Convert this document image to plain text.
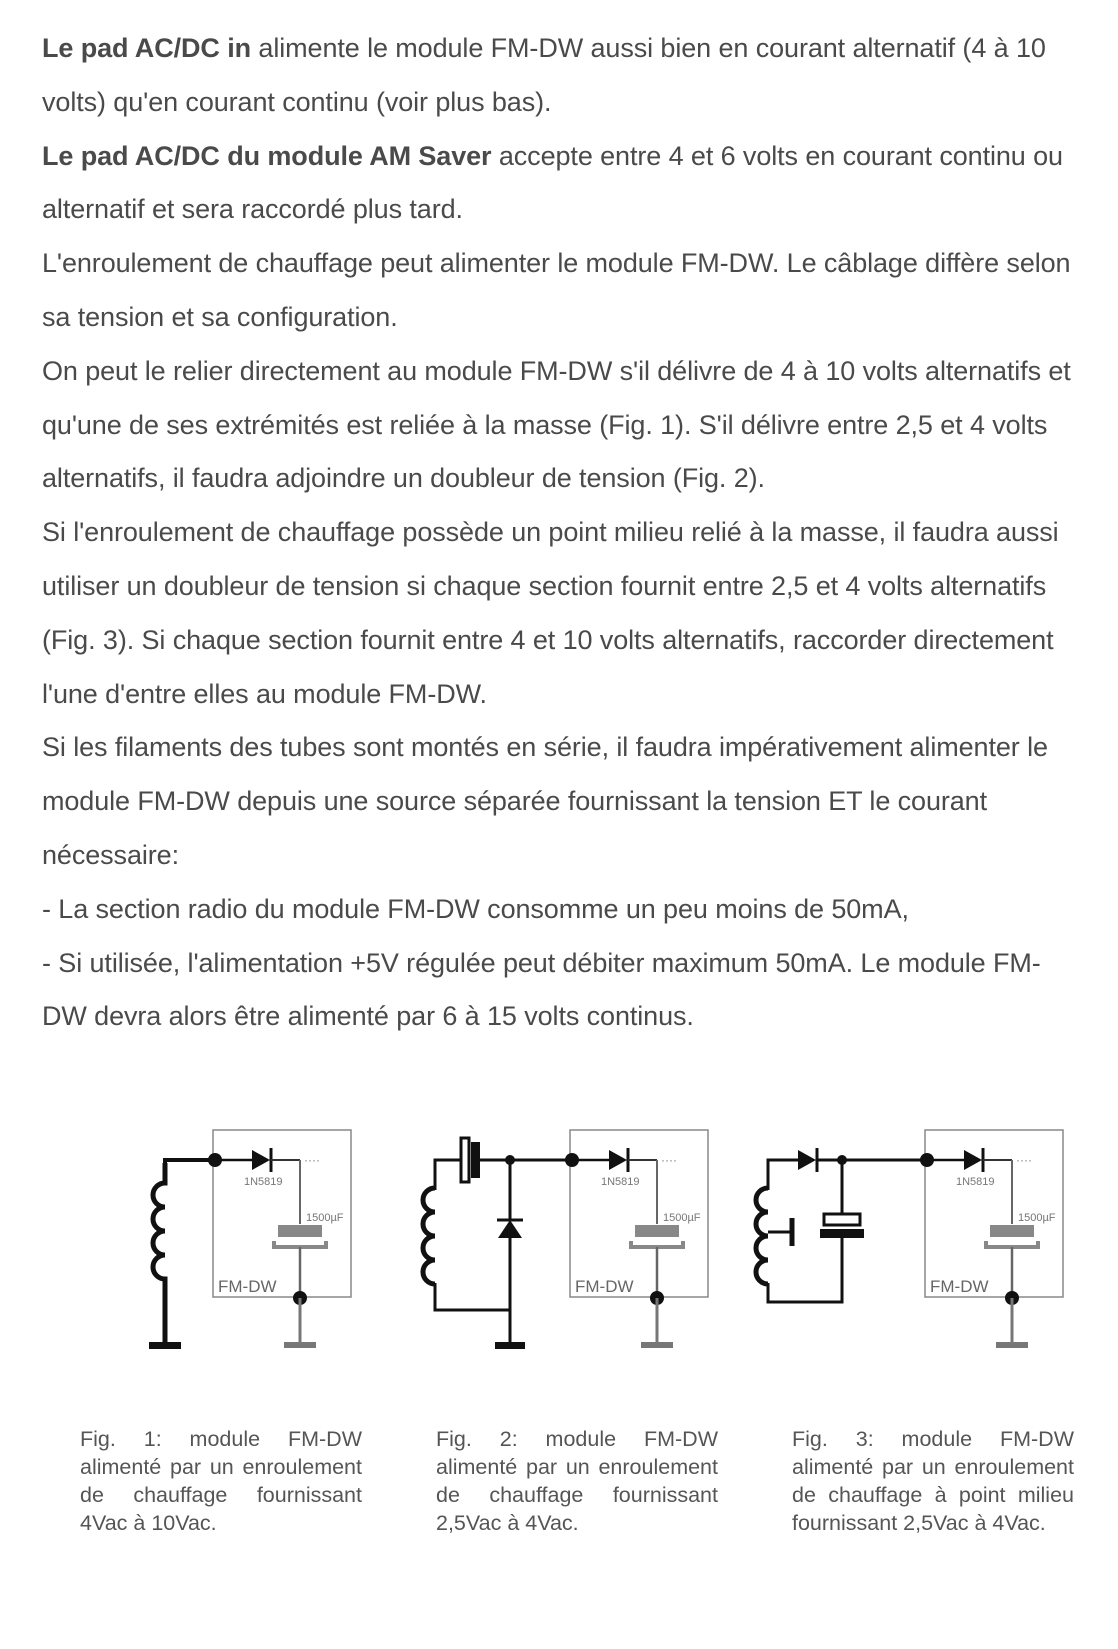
Le pad AC/DC in alimente le module FM-DW aussi bien en courant alternatif (4 à 10 volts) qu'en courant continu (voir plus bas).

Le pad AC/DC du module AM Saver accepte entre 4 et 6 volts en courant continu ou alternatif et sera raccordé plus tard.

L'enroulement de chauffage peut alimenter le module FM-DW. Le câblage diffère selon sa tension et sa configuration.

On peut le relier directement au module FM-DW s'il délivre de 4 à 10 volts alternatifs et qu'une de ses extrémités est reliée à la masse (Fig. 1). S'il délivre entre 2,5 et 4 volts alternatifs, il faudra adjoindre un doubleur de tension (Fig. 2).

Si l'enroulement de chauffage possède un point milieu relié à la masse, il faudra aussi utiliser un doubleur de tension si chaque section fournit entre 2,5 et 4 volts alternatifs (Fig. 3). Si chaque section fournit entre 4 et 10 volts alternatifs, raccorder directement l'une d'entre elles au module FM-DW.

Si les filaments des tubes sont montés en série, il faudra impérativement alimenter le module FM-DW depuis une source séparée fournissant la tension ET le courant nécessaire:

- La section radio du module FM-DW consomme un peu moins de 50mA,

- Si utilisée, l'alimentation +5V régulée peut débiter maximum 50mA. Le module FM-DW devra alors être alimenté par 6 à 15 volts continus.

····
1N5819
1500µF
FM-DW
····
1N5819
1500µF
FM-DW
····
1N5819
1500µF
FM-DW
Fig. 1: module FM-DW alimenté par un enroulement de chauffage fournissant 4Vac à 10Vac.
Fig. 2: module FM-DW alimenté par un enroulement de chauffage fournissant 2,5Vac à 4Vac.
Fig. 3: module FM-DW alimenté par un enroulement de chauffage à point milieu fournissant 2,5Vac à 4Vac.
